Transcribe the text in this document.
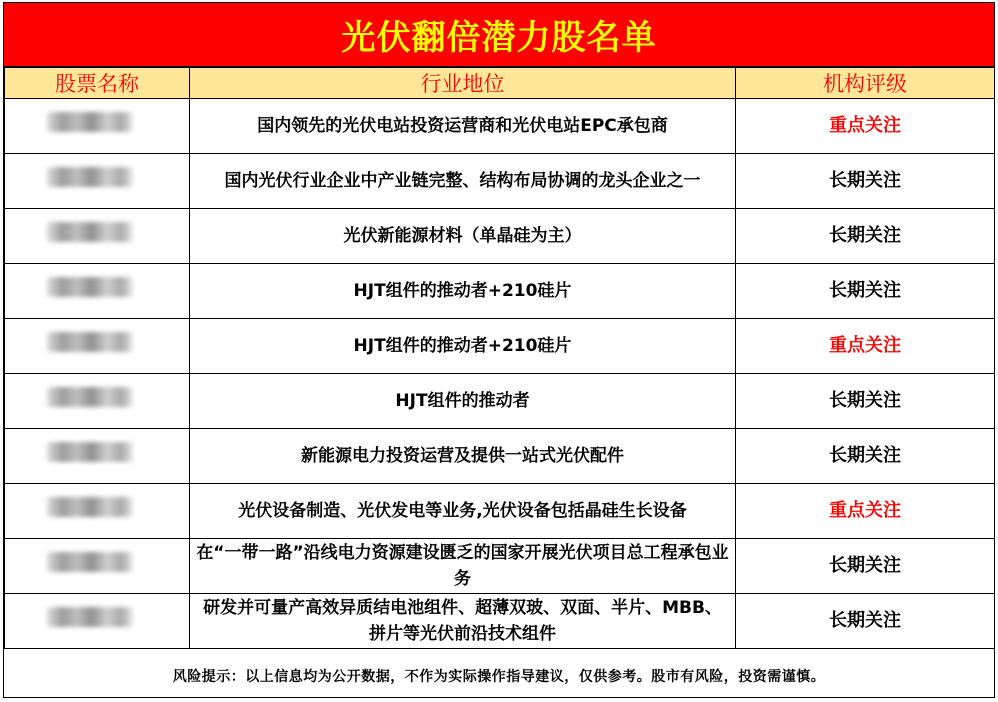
光伏翻倍潜力股名单
股票名称	行业地位	机构评级
	国内领先的光伏电站投资运营商和光伏电站EPC承包商	重点关注
	国内光伏行业企业中产业链完整、结构布局协调的龙头企业之一	长期关注
	光伏新能源材料（单晶硅为主）	长期关注
	HJT组件的推动者+210硅片	长期关注
	HJT组件的推动者+210硅片	重点关注
	HJT组件的推动者	长期关注
	新能源电力投资运营及提供一站式光伏配件	长期关注
	光伏设备制造、光伏发电等业务,光伏设备包括晶硅生长设备	重点关注
	在“一带一路”沿线电力资源建设匮乏的国家开展光伏项目总工程承包业务	长期关注
	研发并可量产高效异质结电池组件、超薄双玻、双面、半片、MBB、拼片等光伏前沿技术组件	长期关注
风险提示：以上信息均为公开数据，不作为实际操作指导建议，仅供参考。股市有风险，投资需谨慎。
